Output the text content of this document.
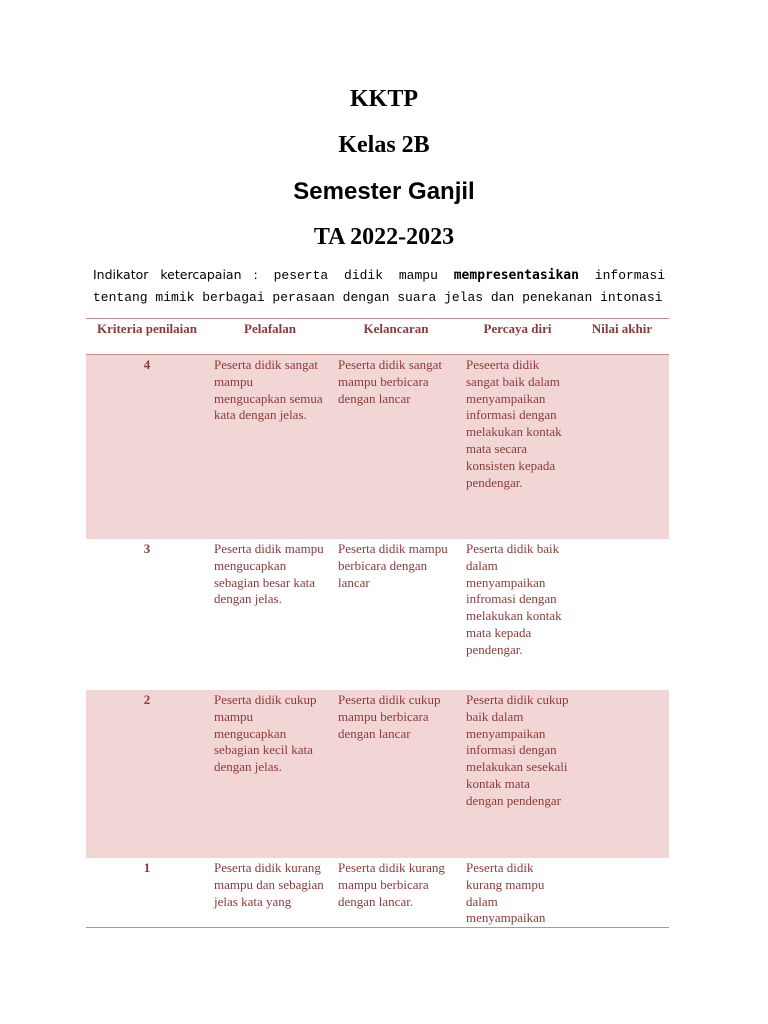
KKTP
Kelas 2B
Semester Ganjil
TA 2022-2023

Indikator ketercapaian : peserta didik mampu mempresentasikan informasi tentang mimik berbagai perasaan dengan suara jelas dan penekanan intonasi

Kriteria penilaian	Pelafalan	Kelancaran	Percaya diri	Nilai akhir
4	Peserta didik sangat mampu mengucapkan semua kata dengan jelas.	Peserta didik sangat mampu berbicara dengan lancar	Peseerta didik sangat baik dalam menyampaikan informasi dengan melakukan kontak mata secara konsisten kepada pendengar.	
3	Peserta didik mampu mengucapkan sebagian besar kata dengan jelas.	Peserta didik mampu berbicara dengan lancar	Peserta didik baik dalam menyampaikan infromasi dengan melakukan kontak mata kepada pendengar.	
2	Peserta didik cukup mampu mengucapkan sebagian kecil kata dengan jelas.	Peserta didik cukup mampu berbicara dengan lancar	Peserta didik cukup baik dalam menyampaikan informasi dengan melakukan sesekali kontak mata dengan pendengar	
1	Peserta didik kurang mampu dan sebagian jelas kata yang	Peserta didik kurang mampu berbicara dengan lancar.	Peserta didik kurang mampu dalam menyampaikan	
